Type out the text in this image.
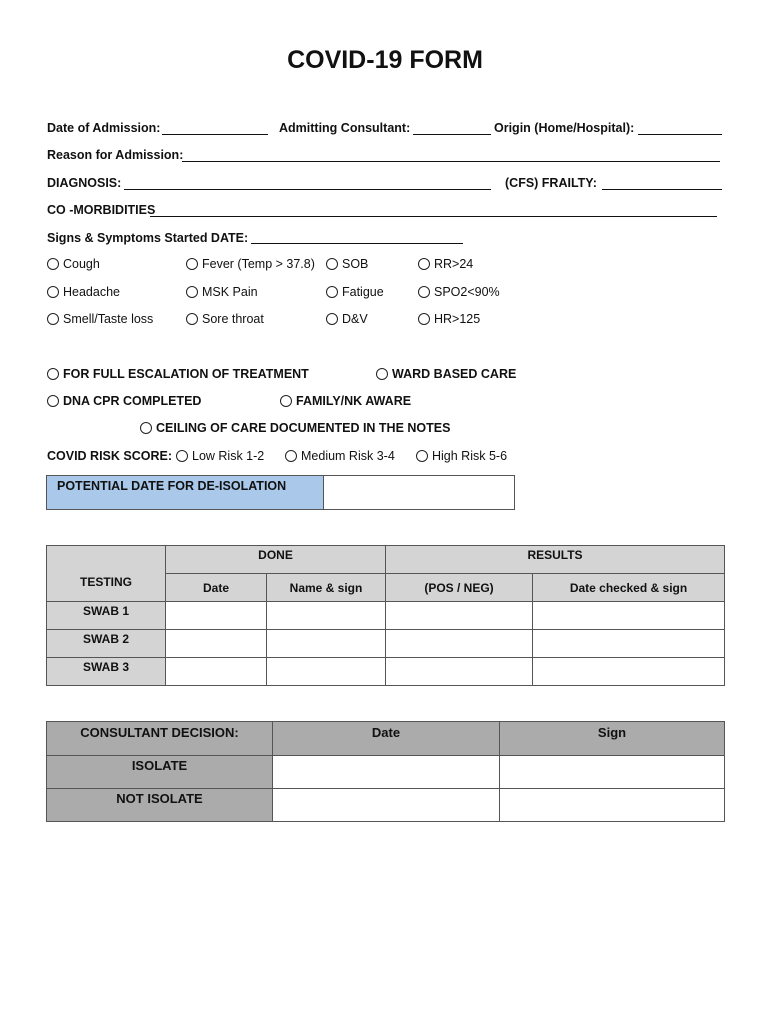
COVID-19 FORM
Date of Admission:	Admitting Consultant:	Origin (Home/Hospital):
Reason for Admission:
DIAGNOSIS:	(CFS) FRAILTY:
CO -MORBIDITIES
Signs & Symptoms Started DATE:
Cough	Fever (Temp > 37.8) SOB	RR>24
Headache	MSK Pain	Fatigue	SPO2<90%
Smell/Taste loss	Sore throat	D&V	HR>125
FOR FULL ESCALATION OF TREATMENT	WARD BASED CARE
DNA CPR COMPLETED	FAMILY/NK AWARE
CEILING OF CARE DOCUMENTED IN THE NOTES
COVID RISK SCORE: Low Risk 1-2	Medium Risk 3-4	High Risk 5-6
POTENTIAL DATE FOR DE-ISOLATION	
TESTING	DONE		RESULTS	
	Date	Name & sign	(POS / NEG)	Date checked & sign
SWAB 1				
SWAB 2				
SWAB 3				
CONSULTANT DECISION:	Date	Sign
ISOLATE		
NOT ISOLATE		
